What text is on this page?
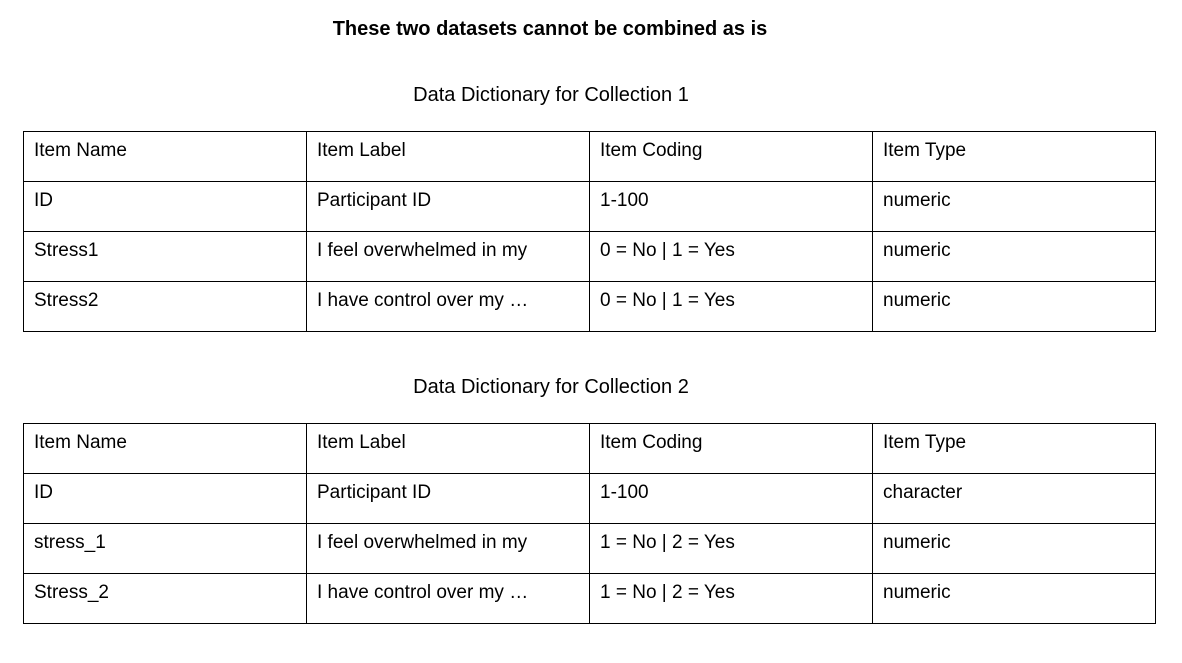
These two datasets cannot be combined as is
Data Dictionary for Collection 1
Item Name	Item Label	Item Coding	Item Type
ID	Participant ID	1-100	numeric
Stress1	I feel overwhelmed in my	0 = No | 1 = Yes	numeric
Stress2	I have control over my …	0 = No | 1 = Yes	numeric
Data Dictionary for Collection 2
Item Name	Item Label	Item Coding	Item Type
ID	Participant ID	1-100	character
stress_1	I feel overwhelmed in my	1 = No | 2 = Yes	numeric
Stress_2	I have control over my …	1 = No | 2 = Yes	numeric
